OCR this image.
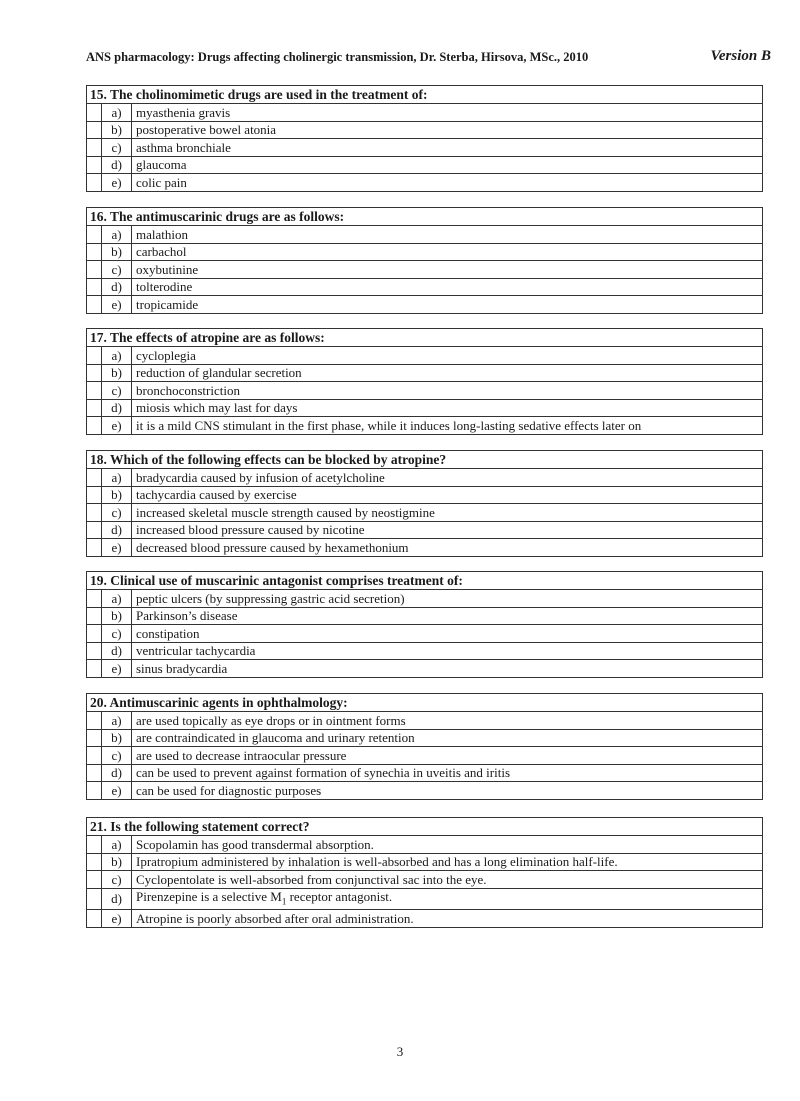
ANS pharmacology: Drugs affecting cholinergic transmission, Dr. Sterba, Hirsova, MSc., 2010	Version B
15. The cholinomimetic drugs are used in the treatment of:		
	a)	myasthenia gravis
	b)	postoperative bowel atonia
	c)	asthma bronchiale
	d)	glaucoma
	e)	colic pain
16. The antimuscarinic drugs are as follows:		
	a)	malathion
	b)	carbachol
	c)	oxybutinine
	d)	tolterodine
	e)	tropicamide
17. The effects of atropine are as follows:		
	a)	cycloplegia
	b)	reduction of glandular secretion
	c)	bronchoconstriction
	d)	miosis which may last for days
	e)	it is a mild CNS stimulant in the first phase, while it induces long-lasting sedative effects later on
18. Which of the following effects can be blocked by atropine?		
	a)	bradycardia caused by infusion of acetylcholine
	b)	tachycardia caused by exercise
	c)	increased skeletal muscle strength caused by neostigmine
	d)	increased blood pressure caused by nicotine
	e)	decreased blood pressure caused by hexamethonium
19. Clinical use of muscarinic antagonist comprises treatment of:		
	a)	peptic ulcers (by suppressing gastric acid secretion)
	b)	Parkinson’s disease
	c)	constipation
	d)	ventricular tachycardia
	e)	sinus bradycardia
20. Antimuscarinic agents in ophthalmology:		
	a)	are used topically as eye drops or in ointment forms
	b)	are contraindicated in glaucoma and urinary retention
	c)	are used to decrease intraocular pressure
	d)	can be used to prevent against formation of synechia in uveitis and iritis
	e)	can be used for diagnostic purposes
21. Is the following statement correct?		
	a)	Scopolamin has good transdermal absorption.
	b)	Ipratropium administered by inhalation is well-absorbed and has a long elimination half-life.
	c)	Cyclopentolate is well-absorbed from conjunctival sac into the eye.
	d)	Pirenzepine is a selective $M_1$ receptor antagonist.
	e)	Atropine is poorly absorbed after oral administration.
3
